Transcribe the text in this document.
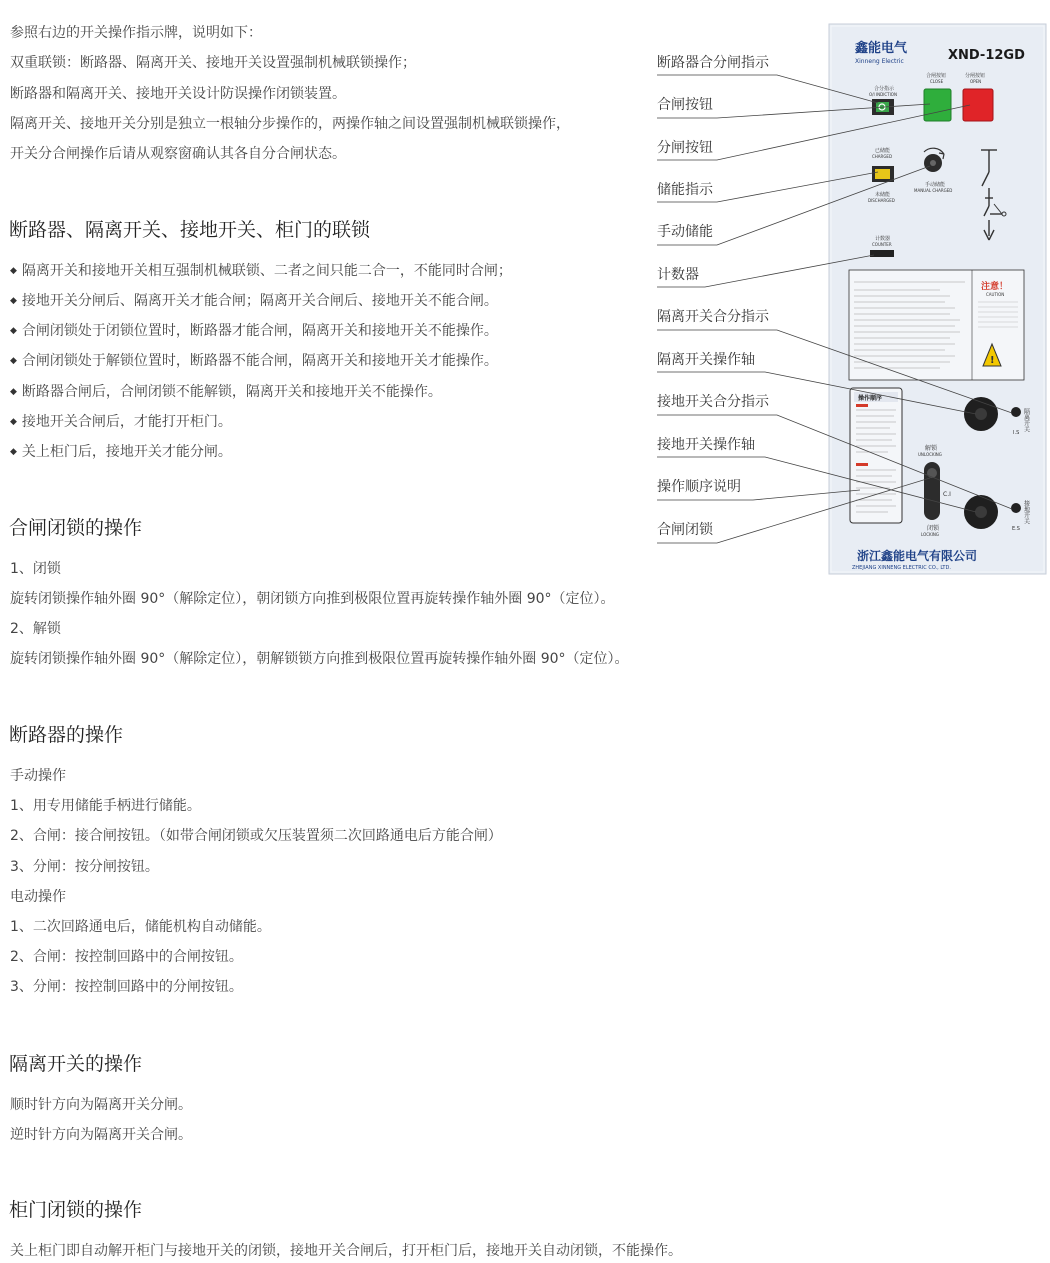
参照右边的开关操作指示牌，说明如下：
双重联锁：断路器、隔离开关、接地开关设置强制机械联锁操作；
断路器和隔离开关、接地开关设计防误操作闭锁装置。
隔离开关、接地开关分别是独立一根轴分步操作的，两操作轴之间设置强制机械联锁操作，
开关分合闸操作后请从观察窗确认其各自分合闸状态。
断路器、隔离开关、接地开关、柜门的联锁
◆ 隔离开关和接地开关相互强制机械联锁、二者之间只能二合一，不能同时合闸；
◆ 接地开关分闸后、隔离开关才能合闸；隔离开关合闸后、接地开关不能合闸。
◆ 合闸闭锁处于闭锁位置时，断路器才能合闸，隔离开关和接地开关不能操作。
◆ 合闸闭锁处于解锁位置时，断路器不能合闸，隔离开关和接地开关才能操作。
◆ 断路器合闸后，合闸闭锁不能解锁，隔离开关和接地开关不能操作。
◆ 接地开关合闸后，才能打开柜门。
◆ 关上柜门后，接地开关才能分闸。
合闸闭锁的操作
1、闭锁
旋转闭锁操作轴外圈 90°（解除定位），朝闭锁方向推到极限位置再旋转操作轴外圈 90°（定位）。
2、解锁
旋转闭锁操作轴外圈 90°（解除定位），朝解锁锁方向推到极限位置再旋转操作轴外圈 90°（定位）。
断路器的操作
手动操作
1、用专用储能手柄进行储能。
2、合闸：接合闸按钮。（如带合闸闭锁或欠压装置须二次回路通电后方能合闸）
3、分闸：按分闸按钮。
电动操作
1、二次回路通电后，储能机构自动储能。
2、合闸：按控制回路中的合闸按钮。
3、分闸：按控制回路中的分闸按钮。
隔离开关的操作
顺时针方向为隔离开关分闸。
逆时针方向为隔离开关合闸。
柜门闭锁的操作
关上柜门即自动解开柜门与接地开关的闭锁，接地开关合闸后，打开柜门后，接地开关自动闭锁，不能操作。
断路器合分闸指示
合闸按钮
分闸按钮
储能指示
手动储能
计数器
隔离开关合分指示
隔离开关操作轴
接地开关合分指示
接地开关操作轴
操作顺序说明
合闸闭锁
鑫能电气
Xinneng Electric	XND-12GD
合分指示
O/I INDICTION
合闸按钮
CLOSE
分闸按钮
OPEN
已储能
CHARGED
未储能
DISCHARGED
手动储能
MANUAL CHARGED
计数器
COUNTER
注意！
CAUTION
!
操作顺序
解锁
UNLOCKING
C.I
闭锁
LOCKING
I.S
隔离开关
E.S
接地开关
浙江鑫能电气有限公司
ZHEJIANG XINNENG ELECTRIC CO., LTD.
